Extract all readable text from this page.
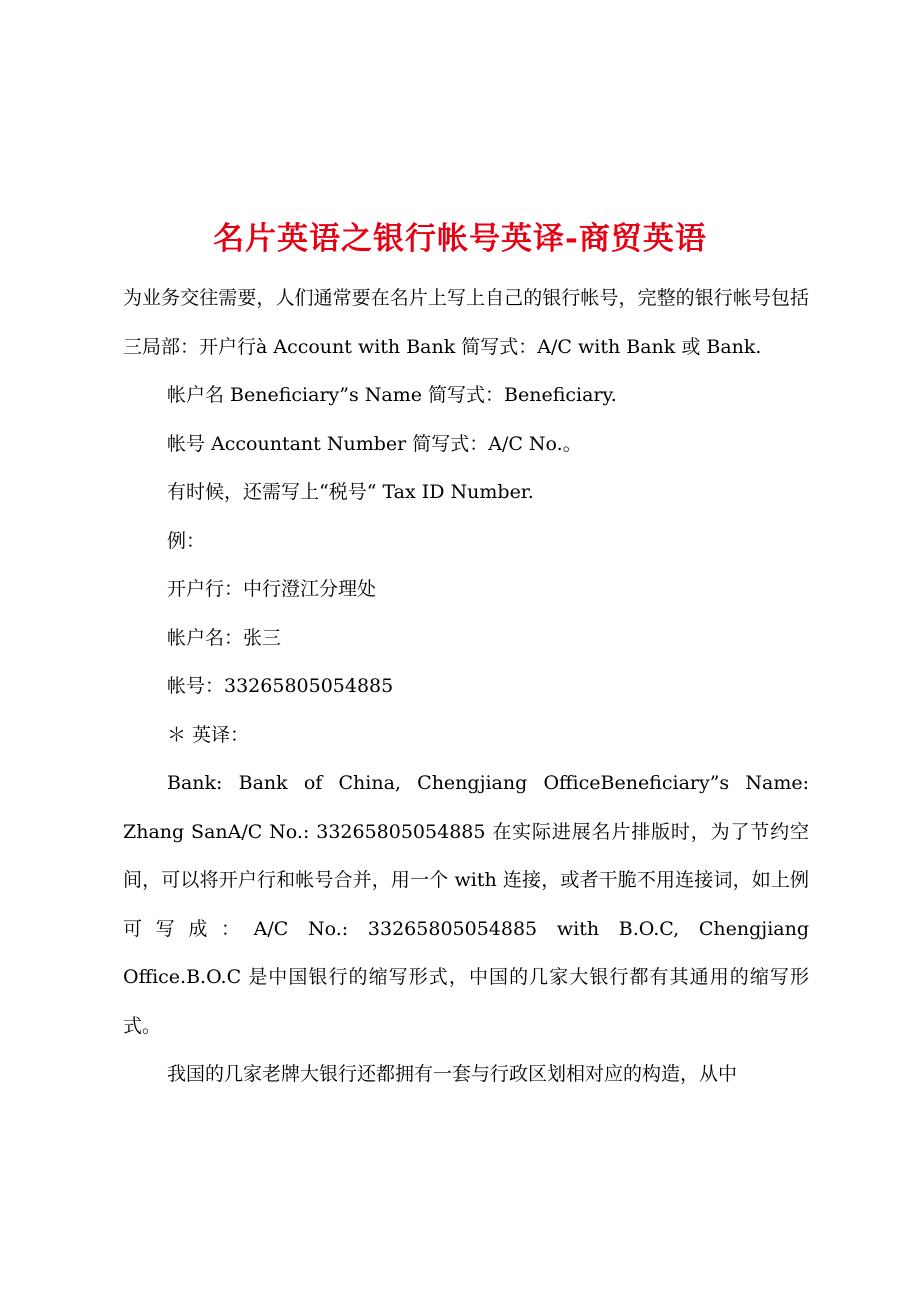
名片英语之银行帐号英译-商贸英语

为业务交往需要，人们通常要在名片上写上自己的银行帐号，完整的银行帐号包括三局部：开户行à Account with Bank 简写式：A/C with Bank 或 Bank.

帐户名 Beneficiary”s Name 简写式：Beneficiary.

帐号 Accountant Number 简写式：A/C No.。

有时候，还需写上“税号“ Tax ID Number.

例：

开户行：中行澄江分理处

帐户名：张三

帐号：33265805054885

＊ 英译：

Bank: Bank of China, Chengjiang OfficeBeneficiary”s Name: Zhang SanA/C No.: 33265805054885 在实际进展名片排版时，为了节约空间，可以将开户行和帐号合并，用一个 with 连接，或者干脆不用连接词，如上例可写成：A/C No.: 33265805054885 with B.O.C, Chengjiang Office.B.O.C 是中国银行的缩写形式，中国的几家大银行都有其通用的缩写形式。

我国的几家老牌大银行还都拥有一套与行政区划相对应的构造，从中
